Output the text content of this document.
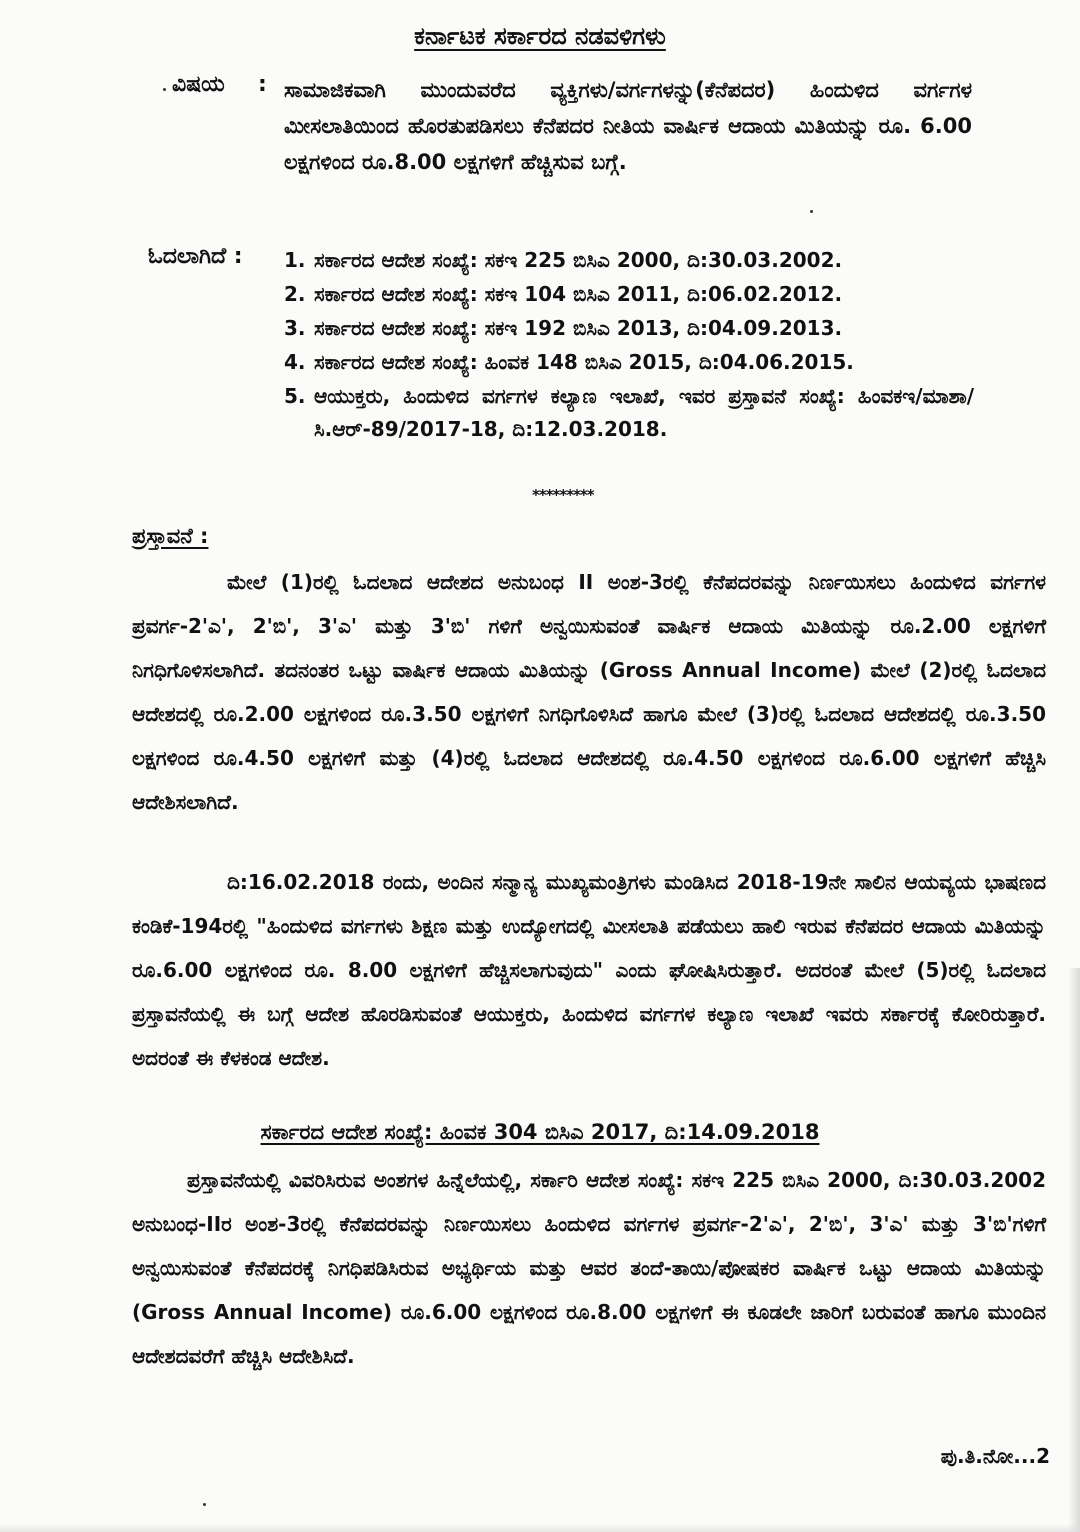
ಕರ್ನಾಟಕ ಸರ್ಕಾರದ ನಡವಳಿಗಳು
ವಿಷಯ : ಸಾಮಾಜಿಕವಾಗಿ ಮುಂದುವರೆದ ವ್ಯಕ್ತಿಗಳು/ವರ್ಗಗಳನ್ನು(ಕೆನೆಪದರ) ಹಿಂದುಳಿದ ವರ್ಗಗಳ ಮೀಸಲಾತಿಯಿಂದ ಹೊರತುಪಡಿಸಲು ಕೆನೆಪದರ ನೀತಿಯ ವಾರ್ಷಿಕ ಆದಾಯ ಮಿತಿಯನ್ನು ರೂ. 6.00 ಲಕ್ಷಗಳಿಂದ ರೂ.8.00 ಲಕ್ಷಗಳಿಗೆ ಹೆಚ್ಚಿಸುವ ಬಗ್ಗೆ.
ಓದಲಾಗಿದೆ : 1. ಸರ್ಕಾರದ ಆದೇಶ ಸಂಖ್ಯೆ: ಸಕಇ 225 ಬಿಸಿಎ 2000, ದಿ:30.03.2002.
2. ಸರ್ಕಾರದ ಆದೇಶ ಸಂಖ್ಯೆ: ಸಕಇ 104 ಬಿಸಿಎ 2011, ದಿ:06.02.2012.
3. ಸರ್ಕಾರದ ಆದೇಶ ಸಂಖ್ಯೆ: ಸಕಇ 192 ಬಿಸಿಎ 2013, ದಿ:04.09.2013.
4. ಸರ್ಕಾರದ ಆದೇಶ ಸಂಖ್ಯೆ: ಹಿಂವಕ 148 ಬಿಸಿಎ 2015, ದಿ:04.06.2015.
5. ಆಯುಕ್ತರು, ಹಿಂದುಳಿದ ವರ್ಗಗಳ ಕಲ್ಯಾಣ ಇಲಾಖೆ, ಇವರ ಪ್ರಸ್ತಾವನೆ ಸಂಖ್ಯೆ: ಹಿಂವಕಇ/ಮಾಶಾ/ಸಿ.ಆರ್-89/2017-18, ದಿ:12.03.2018.
*********
ಪ್ರಸ್ತಾವನೆ :
ಮೇಲೆ (1)ರಲ್ಲಿ ಓದಲಾದ ಆದೇಶದ ಅನುಬಂಧ II ಅಂಶ-3ರಲ್ಲಿ ಕೆನೆಪದರವನ್ನು ನಿರ್ಣಯಿಸಲು ಹಿಂದುಳಿದ ವರ್ಗಗಳ ಪ್ರವರ್ಗ-2'ಎ', 2'ಬಿ', 3'ಎ' ಮತ್ತು 3'ಬಿ' ಗಳಿಗೆ ಅನ್ವಯಿಸುವಂತೆ ವಾರ್ಷಿಕ ಆದಾಯ ಮಿತಿಯನ್ನು ರೂ.2.00 ಲಕ್ಷಗಳಿಗೆ ನಿಗಧಿಗೊಳಿಸಲಾಗಿದೆ. ತದನಂತರ ಒಟ್ಟು ವಾರ್ಷಿಕ ಆದಾಯ ಮಿತಿಯನ್ನು (Gross Annual Income) ಮೇಲೆ (2)ರಲ್ಲಿ ಓದಲಾದ ಆದೇಶದಲ್ಲಿ ರೂ.2.00 ಲಕ್ಷಗಳಿಂದ ರೂ.3.50 ಲಕ್ಷಗಳಿಗೆ ನಿಗಧಿಗೊಳಿಸಿದೆ ಹಾಗೂ ಮೇಲೆ (3)ರಲ್ಲಿ ಓದಲಾದ ಆದೇಶದಲ್ಲಿ ರೂ.3.50 ಲಕ್ಷಗಳಿಂದ ರೂ.4.50 ಲಕ್ಷಗಳಿಗೆ ಮತ್ತು (4)ರಲ್ಲಿ ಓದಲಾದ ಆದೇಶದಲ್ಲಿ ರೂ.4.50 ಲಕ್ಷಗಳಿಂದ ರೂ.6.00 ಲಕ್ಷಗಳಿಗೆ ಹೆಚ್ಚಿಸಿ ಆದೇಶಿಸಲಾಗಿದೆ.
ದಿ:16.02.2018 ರಂದು, ಅಂದಿನ ಸನ್ಮಾನ್ಯ ಮುಖ್ಯಮಂತ್ರಿಗಳು ಮಂಡಿಸಿದ 2018-19ನೇ ಸಾಲಿನ ಆಯವ್ಯಯ ಭಾಷಣದ ಕಂಡಿಕೆ-194ರಲ್ಲಿ "ಹಿಂದುಳಿದ ವರ್ಗಗಳು ಶಿಕ್ಷಣ ಮತ್ತು ಉದ್ಯೋಗದಲ್ಲಿ ಮೀಸಲಾತಿ ಪಡೆಯಲು ಹಾಲಿ ಇರುವ ಕೆನೆಪದರ ಆದಾಯ ಮಿತಿಯನ್ನು ರೂ.6.00 ಲಕ್ಷಗಳಿಂದ ರೂ. 8.00 ಲಕ್ಷಗಳಿಗೆ ಹೆಚ್ಚಿಸಲಾಗುವುದು" ಎಂದು ಘೋಷಿಸಿರುತ್ತಾರೆ. ಅದರಂತೆ ಮೇಲೆ (5)ರಲ್ಲಿ ಓದಲಾದ ಪ್ರಸ್ತಾವನೆಯಲ್ಲಿ ಈ ಬಗ್ಗೆ ಆದೇಶ ಹೊರಡಿಸುವಂತೆ ಆಯುಕ್ತರು, ಹಿಂದುಳಿದ ವರ್ಗಗಳ ಕಲ್ಯಾಣ ಇಲಾಖೆ ಇವರು ಸರ್ಕಾರಕ್ಕೆ ಕೋರಿರುತ್ತಾರೆ. ಅದರಂತೆ ಈ ಕೆಳಕಂಡ ಆದೇಶ.
ಸರ್ಕಾರದ ಆದೇಶ ಸಂಖ್ಯೆ: ಹಿಂವಕ 304 ಬಿಸಿಎ 2017, ದಿ:14.09.2018
ಪ್ರಸ್ತಾವನೆಯಲ್ಲಿ ವಿವರಿಸಿರುವ ಅಂಶಗಳ ಹಿನ್ನೆಲೆಯಲ್ಲಿ, ಸರ್ಕಾರಿ ಆದೇಶ ಸಂಖ್ಯೆ: ಸಕಇ 225 ಬಿಸಿಎ 2000, ದಿ:30.03.2002 ಅನುಬಂಧ-IIರ ಅಂಶ-3ರಲ್ಲಿ ಕೆನೆಪದರವನ್ನು ನಿರ್ಣಯಿಸಲು ಹಿಂದುಳಿದ ವರ್ಗಗಳ ಪ್ರವರ್ಗ-2'ಎ', 2'ಬಿ', 3'ಎ' ಮತ್ತು 3'ಬಿ'ಗಳಿಗೆ ಅನ್ವಯಿಸುವಂತೆ ಕೆನೆಪದರಕ್ಕೆ ನಿಗಧಿಪಡಿಸಿರುವ ಅಭ್ಯರ್ಥಿಯ ಮತ್ತು ಆವರ ತಂದೆ-ತಾಯಿ/ಪೋಷಕರ ವಾರ್ಷಿಕ ಒಟ್ಟು ಆದಾಯ ಮಿತಿಯನ್ನು (Gross Annual Income) ರೂ.6.00 ಲಕ್ಷಗಳಿಂದ ರೂ.8.00 ಲಕ್ಷಗಳಿಗೆ ಈ ಕೂಡಲೇ ಜಾರಿಗೆ ಬರುವಂತೆ ಹಾಗೂ ಮುಂದಿನ ಆದೇಶದವರೆಗೆ ಹೆಚ್ಚಿಸಿ ಆದೇಶಿಸಿದೆ.
ಪು.ತಿ.ನೋ...2
